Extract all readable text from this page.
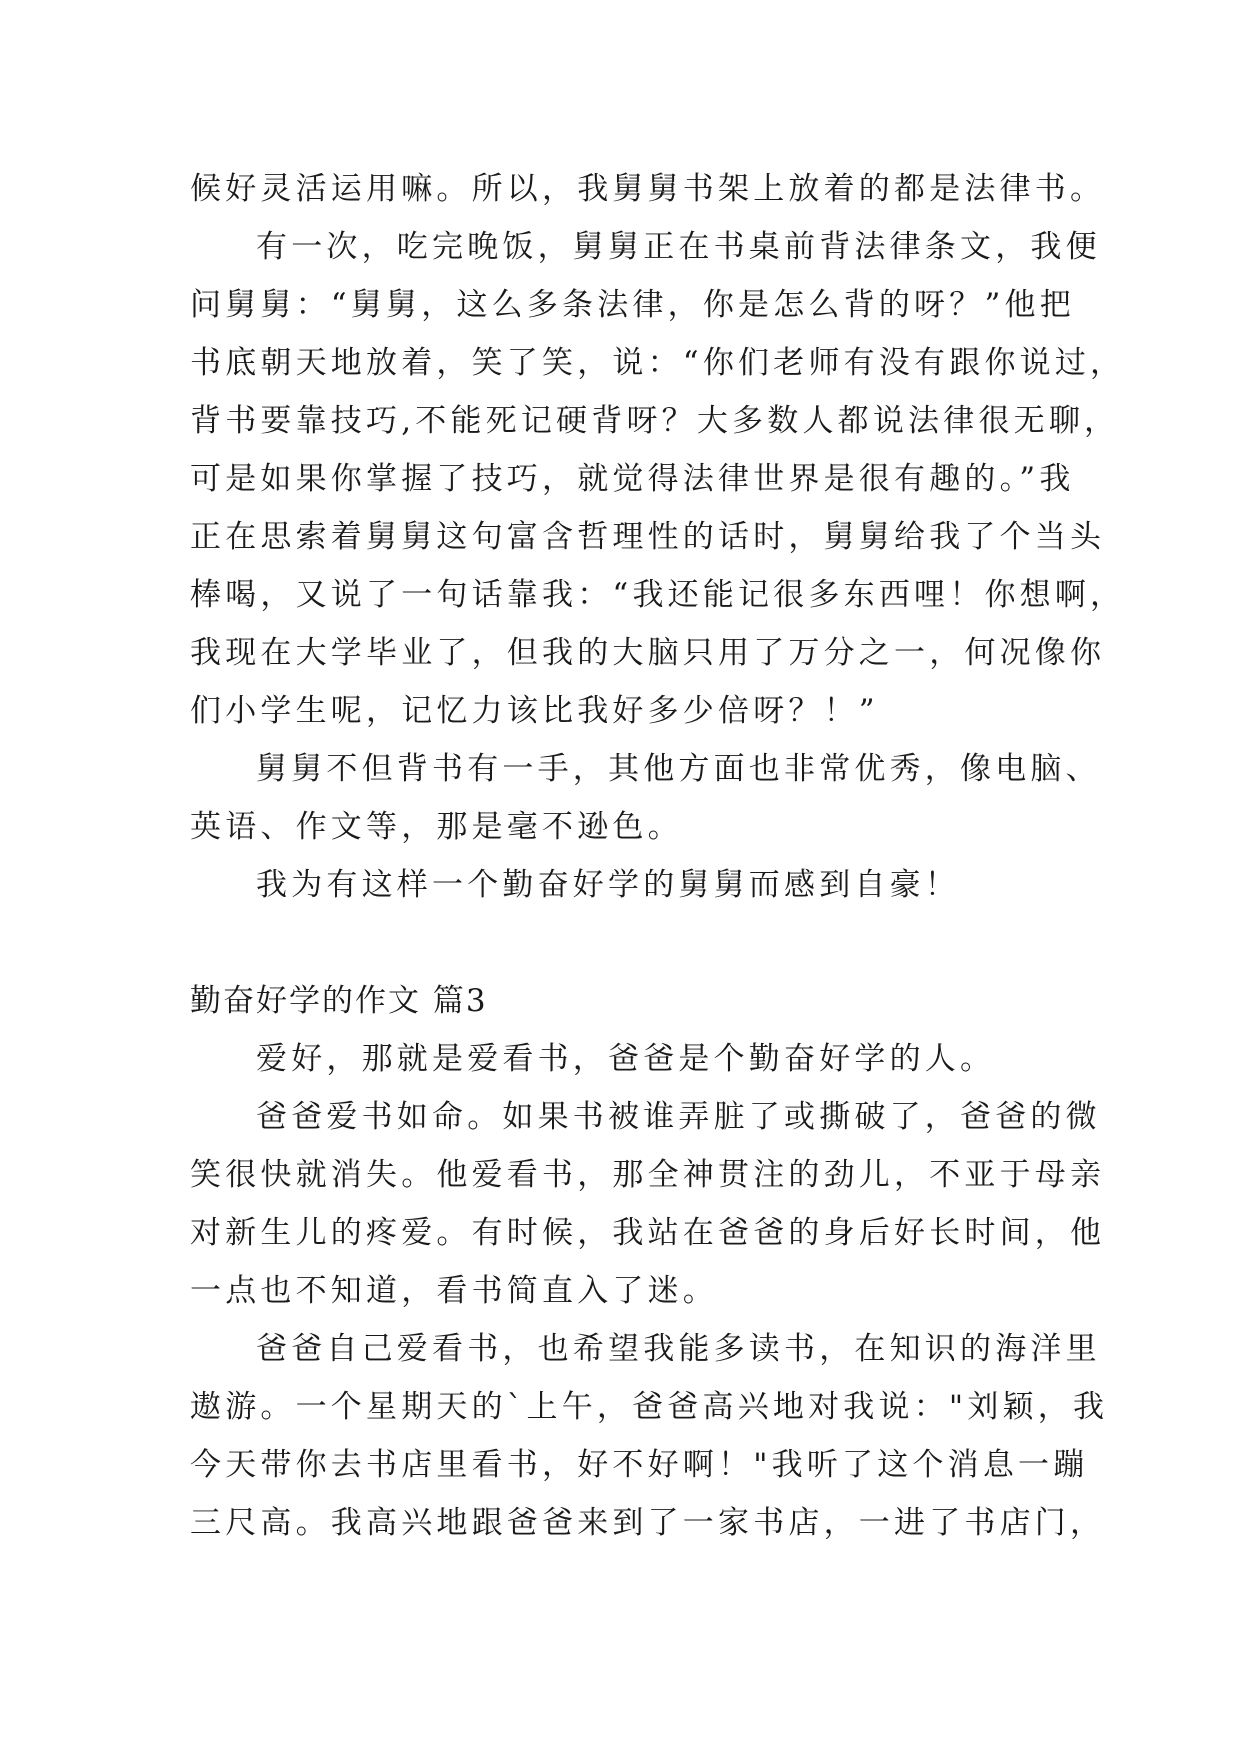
候好灵活运用嘛。所以，我舅舅书架上放着的都是法律书。
有一次，吃完晚饭，舅舅正在书桌前背法律条文，我便
问舅舅：“舅舅，这么多条法律，你是怎么背的呀？”他把
书底朝天地放着，笑了笑，说：“你们老师有没有跟你说过，
背书要靠技巧,不能死记硬背呀？大多数人都说法律很无聊，
可是如果你掌握了技巧，就觉得法律世界是很有趣的。”我
正在思索着舅舅这句富含哲理性的话时，舅舅给我了个当头
棒喝，又说了一句话靠我：“我还能记很多东西哩！你想啊，
我现在大学毕业了，但我的大脑只用了万分之一，何况像你
们小学生呢，记忆力该比我好多少倍呀？！”
舅舅不但背书有一手，其他方面也非常优秀，像电脑、
英语、作文等，那是毫不逊色。
我为有这样一个勤奋好学的舅舅而感到自豪！
勤奋好学的作文 篇3
爱好，那就是爱看书，爸爸是个勤奋好学的人。
爸爸爱书如命。如果书被谁弄脏了或撕破了，爸爸的微
笑很快就消失。他爱看书，那全神贯注的劲儿，不亚于母亲
对新生儿的疼爱。有时候，我站在爸爸的身后好长时间，他
一点也不知道，看书简直入了迷。
爸爸自己爱看书，也希望我能多读书，在知识的海洋里
遨游。一个星期天的`上午，爸爸高兴地对我说："刘颖，我
今天带你去书店里看书，好不好啊！"我听了这个消息一蹦
三尺高。我高兴地跟爸爸来到了一家书店，一进了书店门，
